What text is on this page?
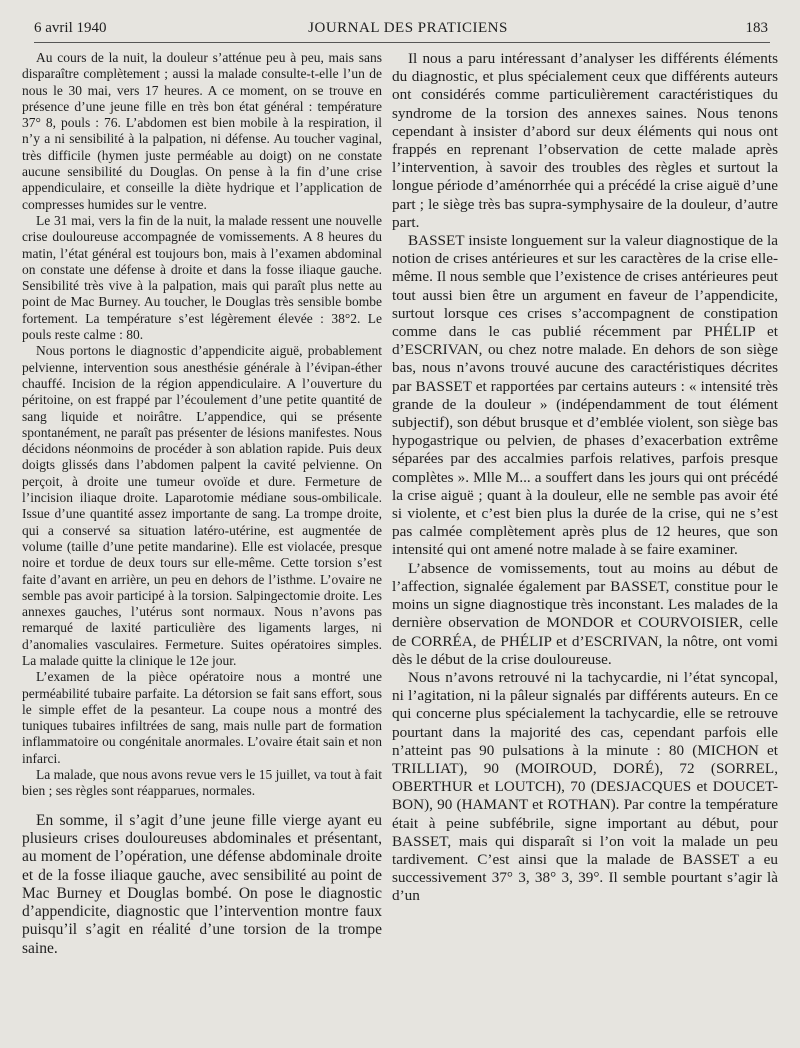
6 avril 1940	JOURNAL DES PRATICIENS	183

Au cours de la nuit, la douleur s’atténue peu à peu, mais sans disparaître complètement ; aussi la malade consulte-t-elle l’un de nous le 30 mai, vers 17 heures. A ce moment, on se trouve en présence d’une jeune fille en très bon état général : température 37° 8, pouls : 76. L’abdomen est bien mobile à la respiration, il n’y a ni sensibilité à la palpation, ni défense. Au toucher vaginal, très difficile (hymen juste perméable au doigt) on ne constate aucune sensibilité du Douglas. On pense à la fin d’une crise appendiculaire, et conseille la diète hydrique et l’application de compresses humides sur le ventre.

Le 31 mai, vers la fin de la nuit, la malade ressent une nouvelle crise douloureuse accompagnée de vomissements. A 8 heures du matin, l’état général est toujours bon, mais à l’examen abdominal on constate une défense à droite et dans la fosse iliaque gauche. Sensibilité très vive à la palpation, mais qui paraît plus nette au point de Mac Burney. Au toucher, le Douglas très sensible bombe fortement. La température s’est légèrement élevée : 38°2. Le pouls reste calme : 80.

Nous portons le diagnostic d’appendicite aiguë, probablement pelvienne, intervention sous anesthésie générale à l’évipan-éther chauffé. Incision de la région appendiculaire. A l’ouverture du péritoine, on est frappé par l’écoulement d’une petite quantité de sang liquide et noirâtre. L’appendice, qui se présente spontanément, ne paraît pas présenter de lésions manifestes. Nous décidons néonmoins de procéder à son ablation rapide. Puis deux doigts glissés dans l’abdomen palpent la cavité pelvienne. On perçoit, à droite une tumeur ovoïde et dure. Fermeture de l’incision iliaque droite. Laparotomie médiane sous-ombilicale. Issue d’une quantité assez importante de sang. La trompe droite, qui a conservé sa situation latéro-utérine, est augmentée de volume (taille d’une petite mandarine). Elle est violacée, presque noire et tordue de deux tours sur elle-même. Cette torsion s’est faite d’avant en arrière, un peu en dehors de l’isthme. L’ovaire ne semble pas avoir participé à la torsion. Salpingectomie droite. Les annexes gauches, l’utérus sont normaux. Nous n’avons pas remarqué de laxité particulière des ligaments larges, ni d’anomalies vasculaires. Fermeture. Suites opératoires simples. La malade quitte la clinique le 12e jour.

L’examen de la pièce opératoire nous a montré une perméabilité tubaire parfaite. La détorsion se fait sans effort, sous le simple effet de la pesanteur. La coupe nous a montré des tuniques tubaires infiltrées de sang, mais nulle part de formation inflammatoire ou congénitale anormales. L’ovaire était sain et non infarci.

La malade, que nous avons revue vers le 15 juillet, va tout à fait bien ; ses règles sont réapparues, normales.

En somme, il s’agit d’une jeune fille vierge ayant eu plusieurs crises douloureuses abdominales et présentant, au moment de l’opération, une défense abdominale droite et de la fosse iliaque gauche, avec sensibilité au point de Mac Burney et Douglas bombé. On pose le diagnostic d’appendicite, diagnostic que l’intervention montre faux puisqu’il s’agit en réalité d’une torsion de la trompe saine.

Il nous a paru intéressant d’analyser les différents éléments du diagnostic, et plus spécialement ceux que différents auteurs ont considérés comme particulièrement caractéristiques du syndrome de la torsion des annexes saines. Nous tenons cependant à insister d’abord sur deux éléments qui nous ont frappés en reprenant l’observation de cette malade après l’intervention, à savoir des troubles des règles et surtout la longue période d’aménorrhée qui a précédé la crise aiguë d’une part ; le siège très bas supra-symphysaire de la douleur, d’autre part.

BASSET insiste longuement sur la valeur diagnostique de la notion de crises antérieures et sur les caractères de la crise elle-même. Il nous semble que l’existence de crises antérieures peut tout aussi bien être un argument en faveur de l’appendicite, surtout lorsque ces crises s’accompagnent de constipation comme dans le cas publié récemment par PHÉLIP et d’ESCRIVAN, ou chez notre malade. En dehors de son siège bas, nous n’avons trouvé aucune des caractéristiques décrites par BASSET et rapportées par certains auteurs : « intensité très grande de la douleur » (indépendamment de tout élément subjectif), son début brusque et d’emblée violent, son siège bas hypogastrique ou pelvien, de phases d’exacerbation extrême séparées par des accalmies parfois relatives, parfois presque complètes ». Mlle M... a souffert dans les jours qui ont précédé la crise aiguë ; quant à la douleur, elle ne semble pas avoir été si violente, et c’est bien plus la durée de la crise, qui ne s’est pas calmée complètement après plus de 12 heures, que son intensité qui ont amené notre malade à se faire examiner.

L’absence de vomissements, tout au moins au début de l’affection, signalée également par BASSET, constitue pour le moins un signe diagnostique très inconstant. Les malades de la dernière observation de MONDOR et COURVOISIER, celle de CORRÉA, de PHÉLIP et d’ESCRIVAN, la nôtre, ont vomi dès le début de la crise douloureuse.

Nous n’avons retrouvé ni la tachycardie, ni l’état syncopal, ni l’agitation, ni la pâleur signalés par différents auteurs. En ce qui concerne plus spécialement la tachycardie, elle se retrouve pourtant dans la majorité des cas, cependant parfois elle n’atteint pas 90 pulsations à la minute : 80 (MICHON et TRILLIAT), 90 (MOIROUD, DORÉ), 72 (SORREL, OBERTHUR et LOUTCH), 70 (DESJACQUES et DOUCET-BON), 90 (HAMANT et ROTHAN). Par contre la température était à peine subfébrile, signe important au début, pour BASSET, mais qui disparaît si l’on voit la malade un peu tardivement. C’est ainsi que la malade de BASSET a eu successivement 37° 3, 38° 3, 39°. Il semble pourtant s’agir là d’un
